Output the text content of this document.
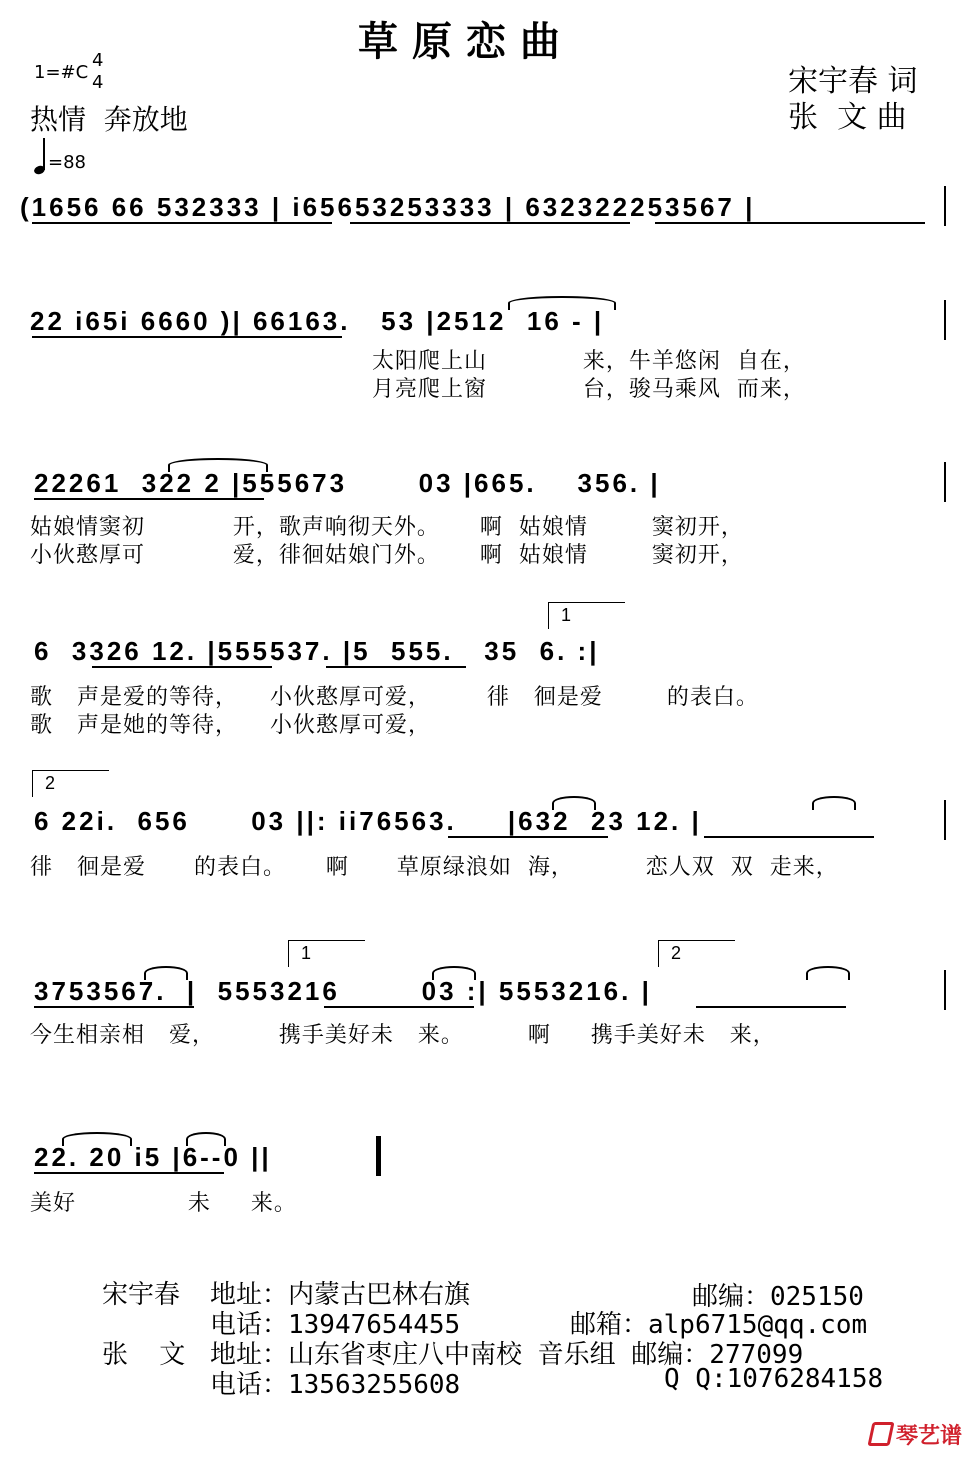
草原恋曲
1=#C
4
4
热情  奔放地
=88
宋宇春 词
张  文 曲
(1656 66 532333 | i65653253333 | 632322253567 |
22 i65i 6660 )| 66163.   53 |2512  16 - |
太阳爬上山            来，牛羊悠闲  自在，
月亮爬上窗            台，骏马乘风  而来，
22261  322 2 |555673       03 |665.    356. |
姑娘情窦初           开，歌声响彻天外。     啊  姑娘情        窦初开，
小伙憨厚可           爱，徘徊姑娘门外。     啊  姑娘情        窦初开，
1
6  3326 12. |555537. |5  555.   35  6. :|
歌   声是爱的等待，    小伙憨厚可爱，       徘   徊是爱        的表白。
歌   声是她的等待，    小伙憨厚可爱，
2
6 22i.  656      03 ||: ii76563.     |632  23 12. |
徘   徊是爱      的表白。     啊      草原绿浪如  海，         恋人双  双  走来，
1	2
3753567.  |  5553216        03 :| 5553216. |
今生相亲相   爱，        携手美好未   来。        啊     携手美好未   来，
22. 20 i5 |6--0 ||
美好              未     来。
宋宇春 地址：内蒙古巴林右旗	邮编：025150
电话：13947654455	邮箱：alp6715@qq.com
张  文 地址：山东省枣庄八中南校 音乐组 邮编：277099
电话：13563255608	Q Q:1076284158
琴艺谱
